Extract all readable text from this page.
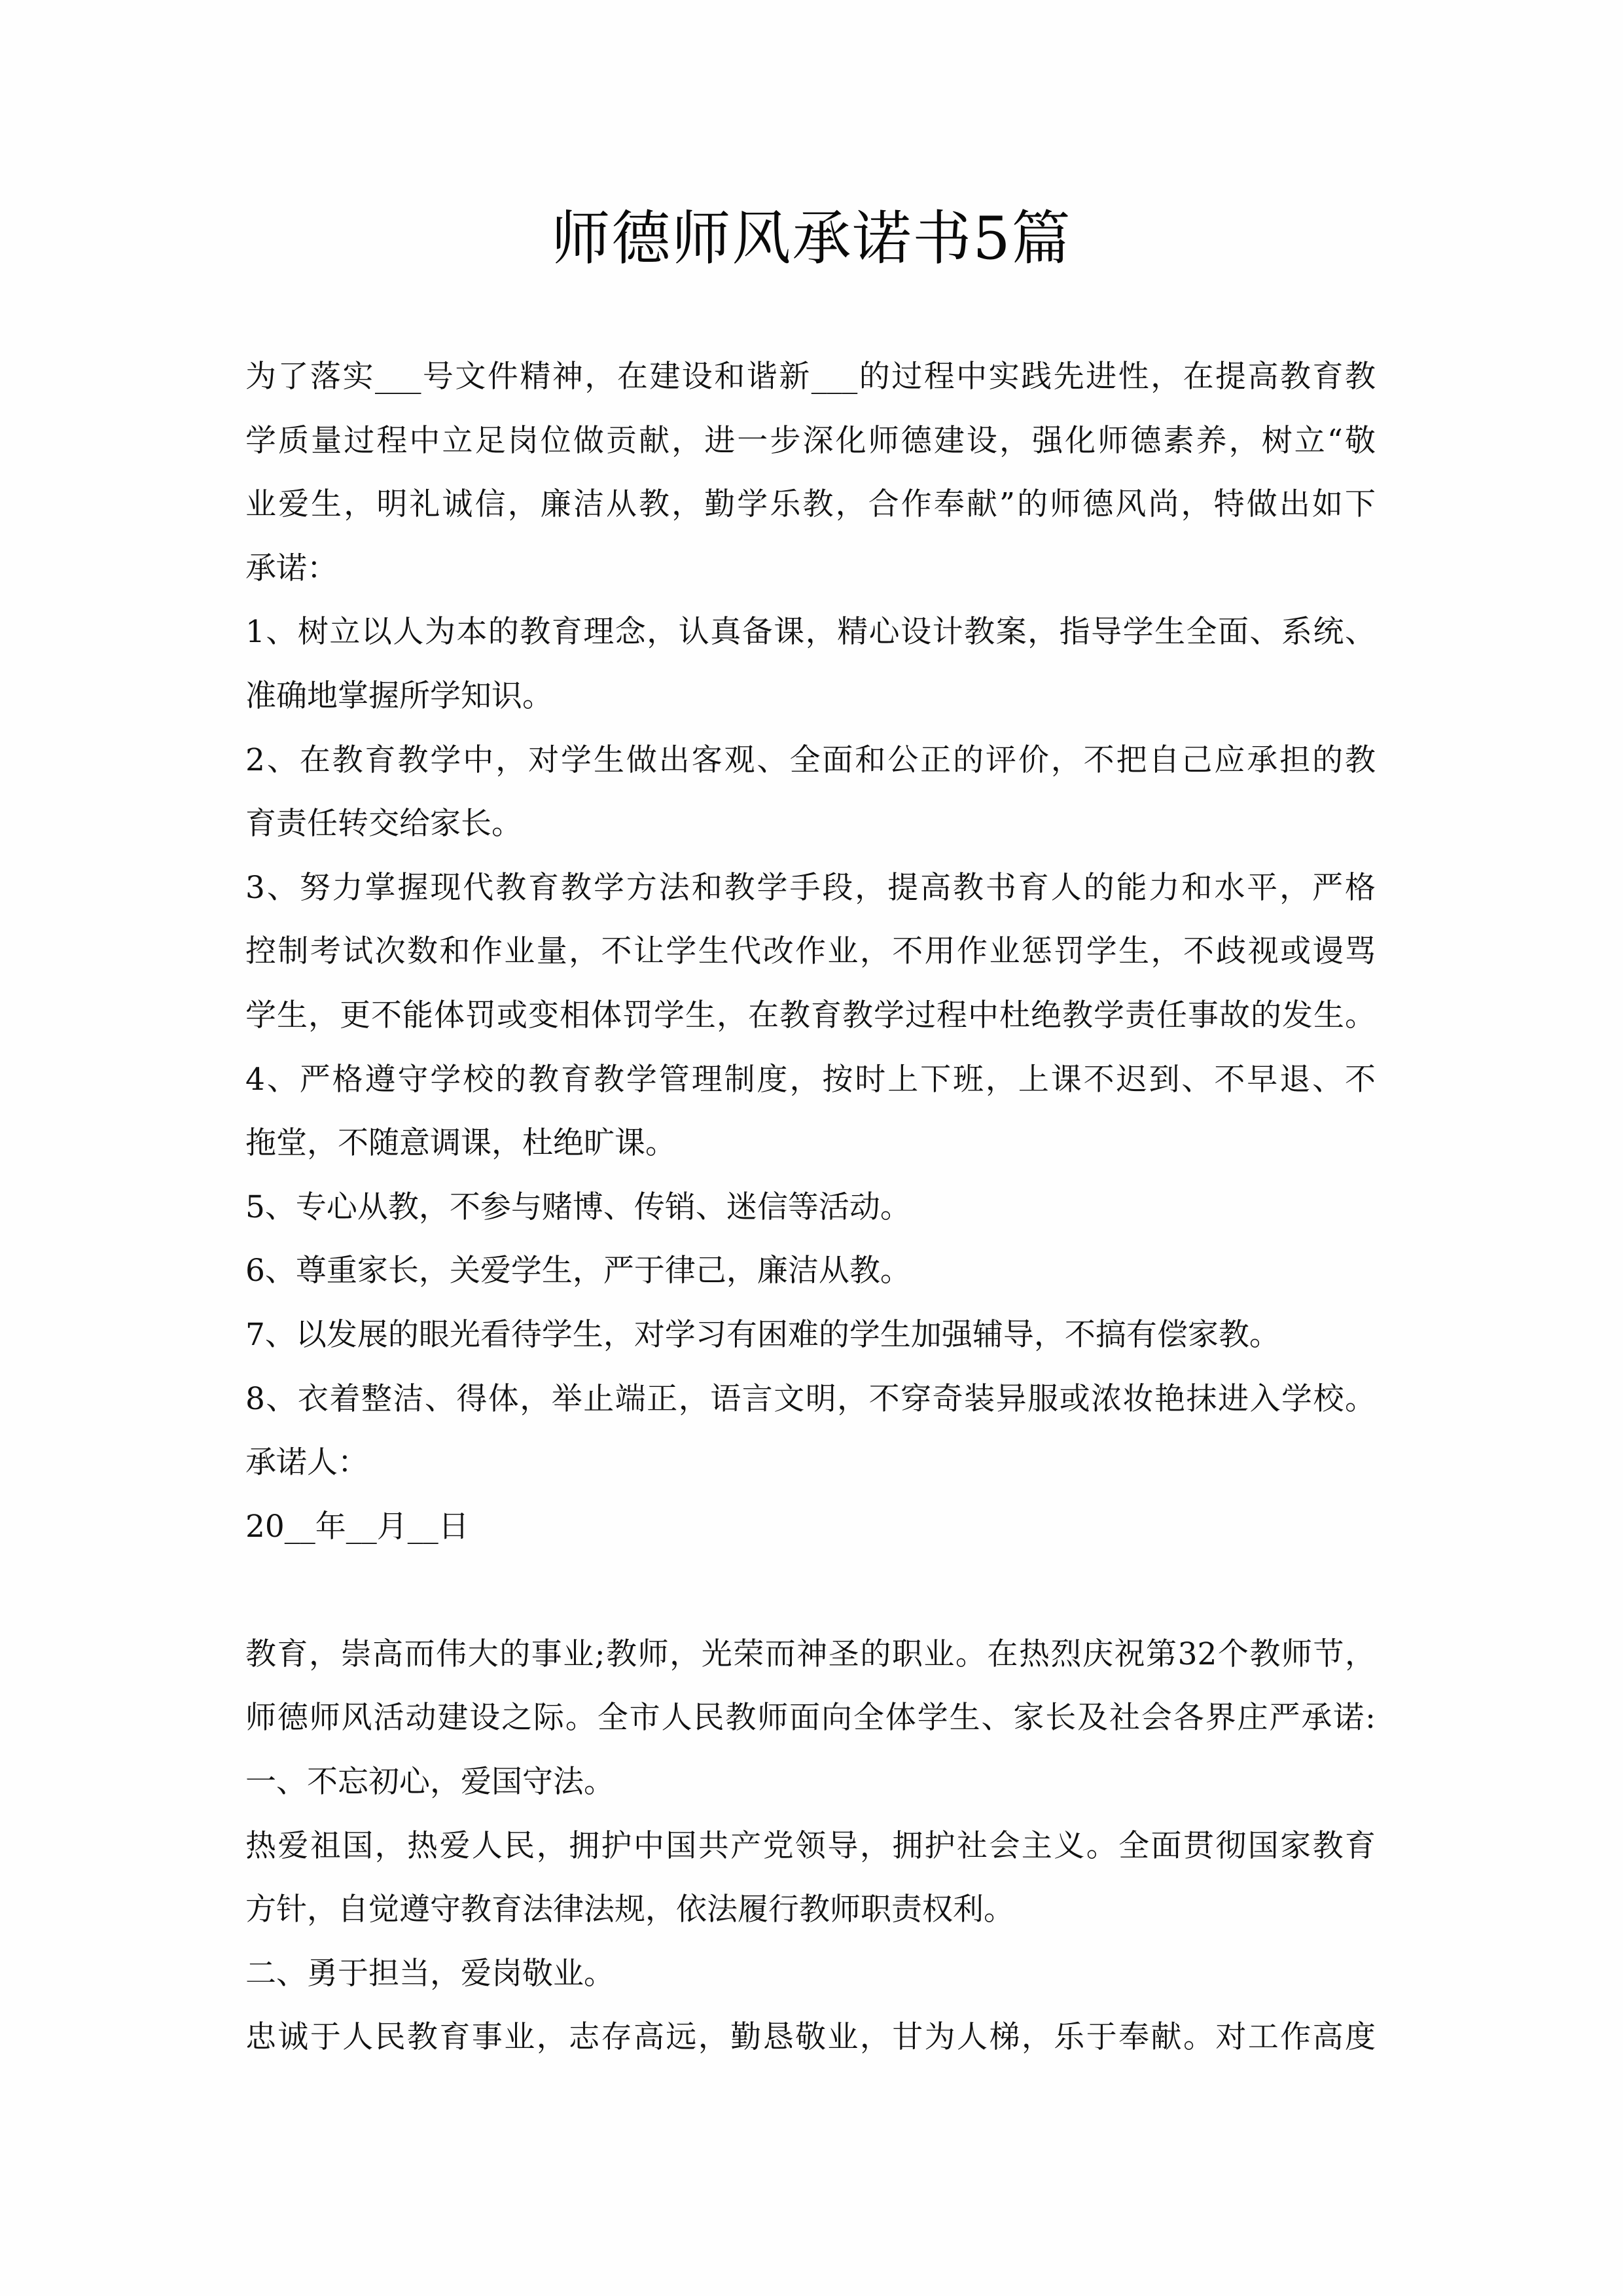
师德师风承诺书5篇
为了落实___号文件精神，在建设和谐新___的过程中实践先进性，在提高教育教
学质量过程中立足岗位做贡献，进一步深化师德建设，强化师德素养，树立“敬
业爱生，明礼诚信，廉洁从教，勤学乐教，合作奉献”的师德风尚，特做出如下
承诺：
1、树立以人为本的教育理念，认真备课，精心设计教案，指导学生全面、系统、
准确地掌握所学知识。
2、在教育教学中，对学生做出客观、全面和公正的评价，不把自己应承担的教
育责任转交给家长。
3、努力掌握现代教育教学方法和教学手段，提高教书育人的能力和水平，严格
控制考试次数和作业量，不让学生代改作业，不用作业惩罚学生，不歧视或谩骂
学生，更不能体罚或变相体罚学生，在教育教学过程中杜绝教学责任事故的发生。
4、严格遵守学校的教育教学管理制度，按时上下班，上课不迟到、不早退、不
拖堂，不随意调课，杜绝旷课。
5、专心从教，不参与赌博、传销、迷信等活动。
6、尊重家长，关爱学生，严于律己，廉洁从教。
7、以发展的眼光看待学生，对学习有困难的学生加强辅导，不搞有偿家教。
8、衣着整洁、得体，举止端正，语言文明，不穿奇装异服或浓妆艳抹进入学校。
承诺人：
20__年__月__日
教育，崇高而伟大的事业;教师，光荣而神圣的职业。在热烈庆祝第32个教师节，
师德师风活动建设之际。全市人民教师面向全体学生、家长及社会各界庄严承诺:
一、不忘初心，爱国守法。
热爱祖国，热爱人民，拥护中国共产党领导，拥护社会主义。全面贯彻国家教育
方针，自觉遵守教育法律法规，依法履行教师职责权利。
二、勇于担当，爱岗敬业。
忠诚于人民教育事业，志存高远，勤恳敬业，甘为人梯，乐于奉献。对工作高度
